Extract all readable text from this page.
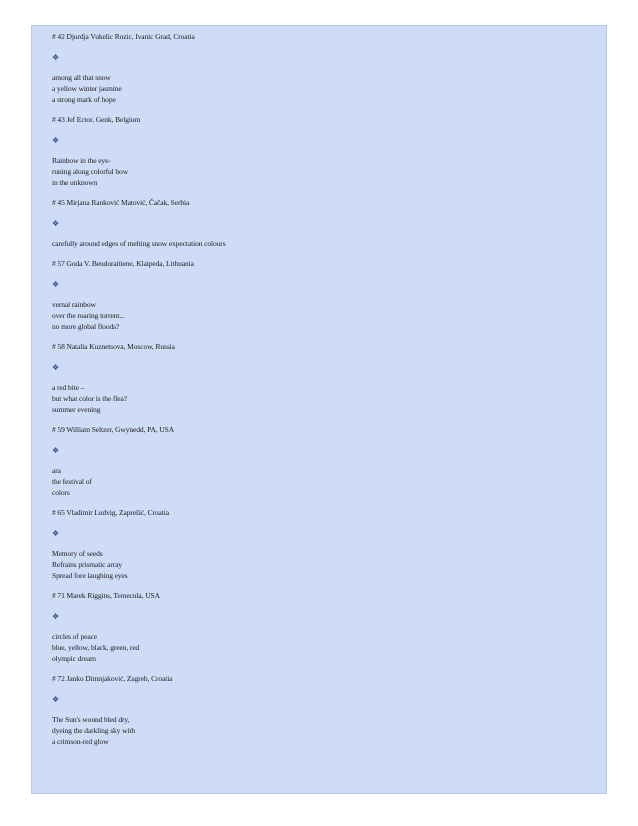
# 42 Djurdja Vukelic Rozic, Ivanic Grad, Croatia
❖
among all that snow
a yellow winter jasmine
a strong mark of hope
# 43 Jef Ector, Genk, Belgium
❖
Rainbow in the eye-
runing along colorful bow
in the unknown
# 45 Mirjana Ranković Matović, Čačak, Serbia
❖
carefully around edges of melting snow expectation colours
# 57 Goda V. Bendoraitiene, Klaipeda, Lithuania
❖
vernal rainbow
over the roaring torrent...
no more global floods?
# 58 Natalia Kuznetsova, Moscow, Russia
❖
a red bite –
but what color is the flea?
summer evening
# 59 William Seltzer, Gwynedd, PA, USA
❖
ara
the festival of
colors
# 65 Vladimir Ludvig, Zaprešić, Croatia
❖
Memory of seeds
Refrains prismatic array
Spread fore laughing eyes
# 71 Marek Riggins, Temecula, USA
❖
circles of peace
blue, yellow, black, green, red
olympic dream
# 72 Janko Dimnjaković, Zagreb, Croatia
❖
The Sun's wound bled dry,
dyeing the darkling sky with
a crimson-red glow
